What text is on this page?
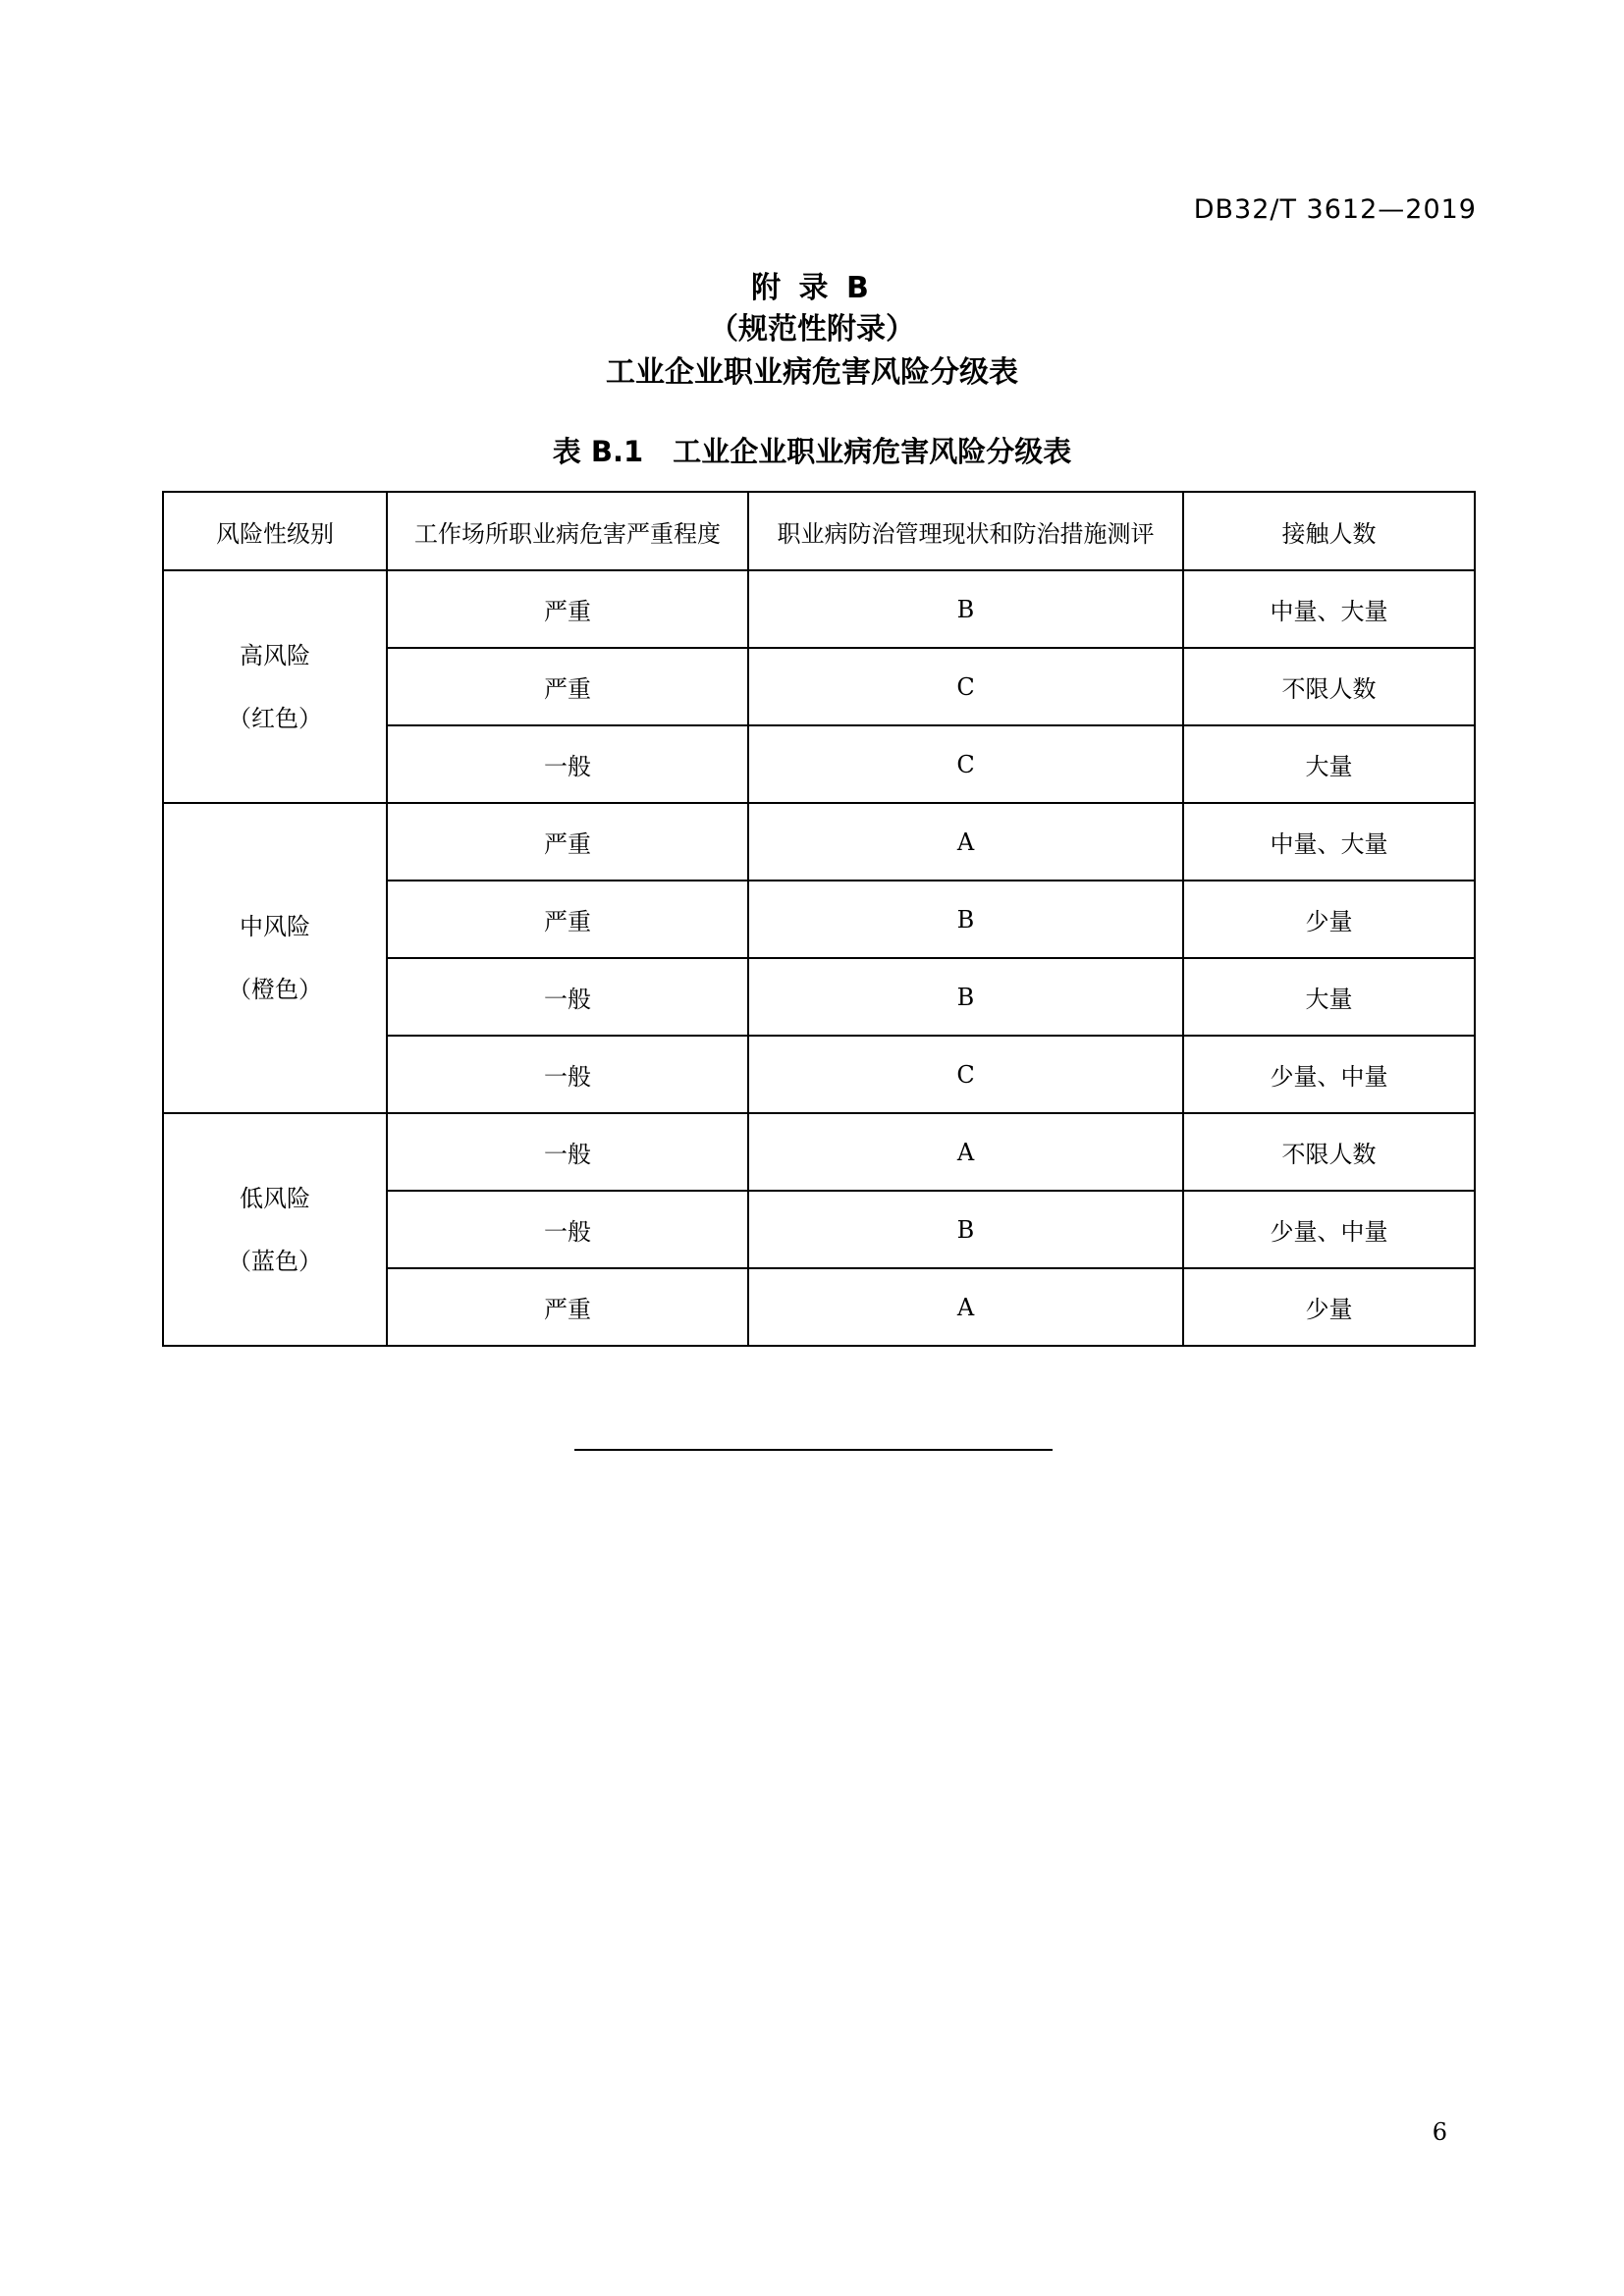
DB32/T 3612—2019
附 录 B
（规范性附录）
工业企业职业病危害风险分级表
表 B.1 工业企业职业病危害风险分级表
风险性级别	工作场所职业病危害严重程度	职业病防治管理现状和防治措施测评	接触人数

高风险
（红色）	严重	B	中量、大量
	严重	C	不限人数
	一般	C	大量

中风险
（橙色）	严重	A	中量、大量
	严重	B	少量
	一般	B	大量
	一般	C	少量、中量

低风险
（蓝色）	一般	A	不限人数
	一般	B	少量、中量
	严重	A	少量
6
